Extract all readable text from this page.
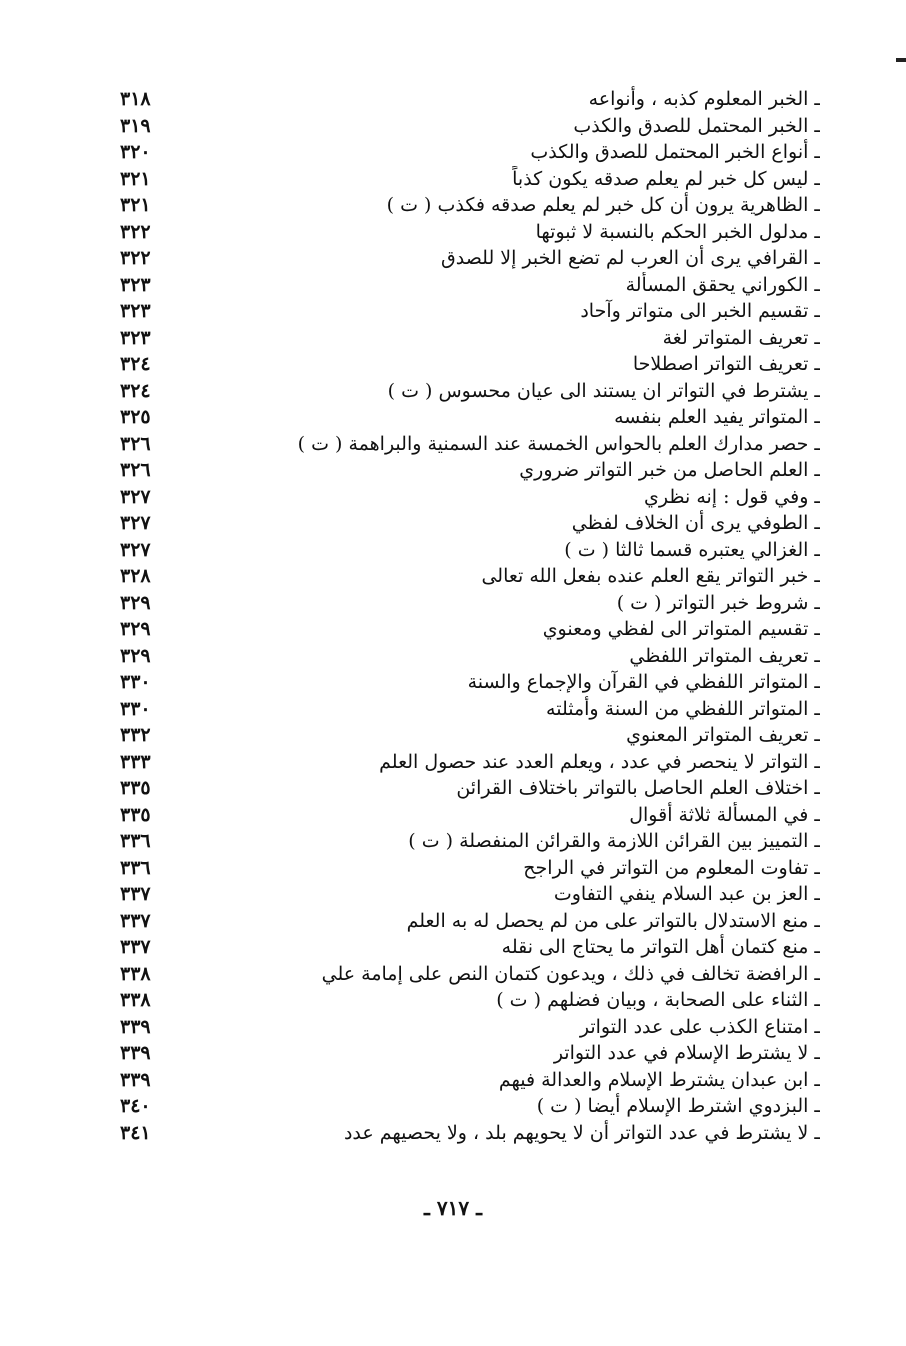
ـ الخبر المعلوم كذبه ، وأنواعه
٣١٨
ـ الخبر المحتمل للصدق والكذب
٣١٩
ـ أنواع الخبر المحتمل للصدق والكذب
٣٢٠
ـ ليس كل خبر لم يعلم صدقه يكون كذباً
٣٢١
ـ الظاهرية يرون أن كل خبر لم يعلم صدقه فكذب ( ت )
٣٢١
ـ مدلول الخبر الحكم بالنسبة لا ثبوتها
٣٢٢
ـ القرافي يرى أن العرب لم تضع الخبر إلا للصدق
٣٢٢
ـ الكوراني يحقق المسألة
٣٢٣
ـ تقسيم الخبر الى متواتر وآحاد
٣٢٣
ـ تعريف المتواتر لغة
٣٢٣
ـ تعريف التواتر اصطلاحا
٣٢٤
ـ يشترط في التواتر ان يستند الى عيان محسوس ( ت )
٣٢٤
ـ المتواتر يفيد العلم بنفسه
٣٢٥
ـ حصر مدارك العلم بالحواس الخمسة عند السمنية والبراهمة ( ت )
٣٢٦
ـ العلم الحاصل من خبر التواتر ضروري
٣٢٦
ـ وفي قول : إنه نظري
٣٢٧
ـ الطوفي يرى أن الخلاف لفظي
٣٢٧
ـ الغزالي يعتبره قسما ثالثا ( ت )
٣٢٧
ـ خبر التواتر يقع العلم عنده بفعل الله تعالى
٣٢٨
ـ شروط خبر التواتر ( ت )
٣٢٩
ـ تقسيم المتواتر الى لفظي ومعنوي
٣٢٩
ـ تعريف المتواتر اللفظي
٣٢٩
ـ المتواتر اللفظي في القرآن والإجماع والسنة
٣٣٠
ـ المتواتر اللفظي من السنة وأمثلته
٣٣٠
ـ تعريف المتواتر المعنوي
٣٣٢
ـ التواتر لا ينحصر في عدد ، ويعلم العدد عند حصول العلم
٣٣٣
ـ اختلاف العلم الحاصل بالتواتر باختلاف القرائن
٣٣٥
ـ في المسألة ثلاثة أقوال
٣٣٥
ـ التمييز بين القرائن اللازمة والقرائن المنفصلة ( ت )
٣٣٦
ـ تفاوت المعلوم من التواتر في الراجح
٣٣٦
ـ العز بن عبد السلام ينفي التفاوت
٣٣٧
ـ منع الاستدلال بالتواتر على من لم يحصل له به العلم
٣٣٧
ـ منع كتمان أهل التواتر ما يحتاج الى نقله
٣٣٧
ـ الرافضة تخالف في ذلك ، ويدعون كتمان النص على إمامة علي
٣٣٨
ـ الثناء على الصحابة ، وبيان فضلهم ( ت )
٣٣٨
ـ امتناع الكذب على عدد التواتر
٣٣٩
ـ لا يشترط الإسلام في عدد التواتر
٣٣٩
ـ ابن عبدان يشترط الإسلام والعدالة فيهم
٣٣٩
ـ البزدوي اشترط الإسلام أيضا ( ت )
٣٤٠
ـ لا يشترط في عدد التواتر أن لا يحويهم بلد ، ولا يحصيهم عدد
٣٤١
ـ ٧١٧ ـ
